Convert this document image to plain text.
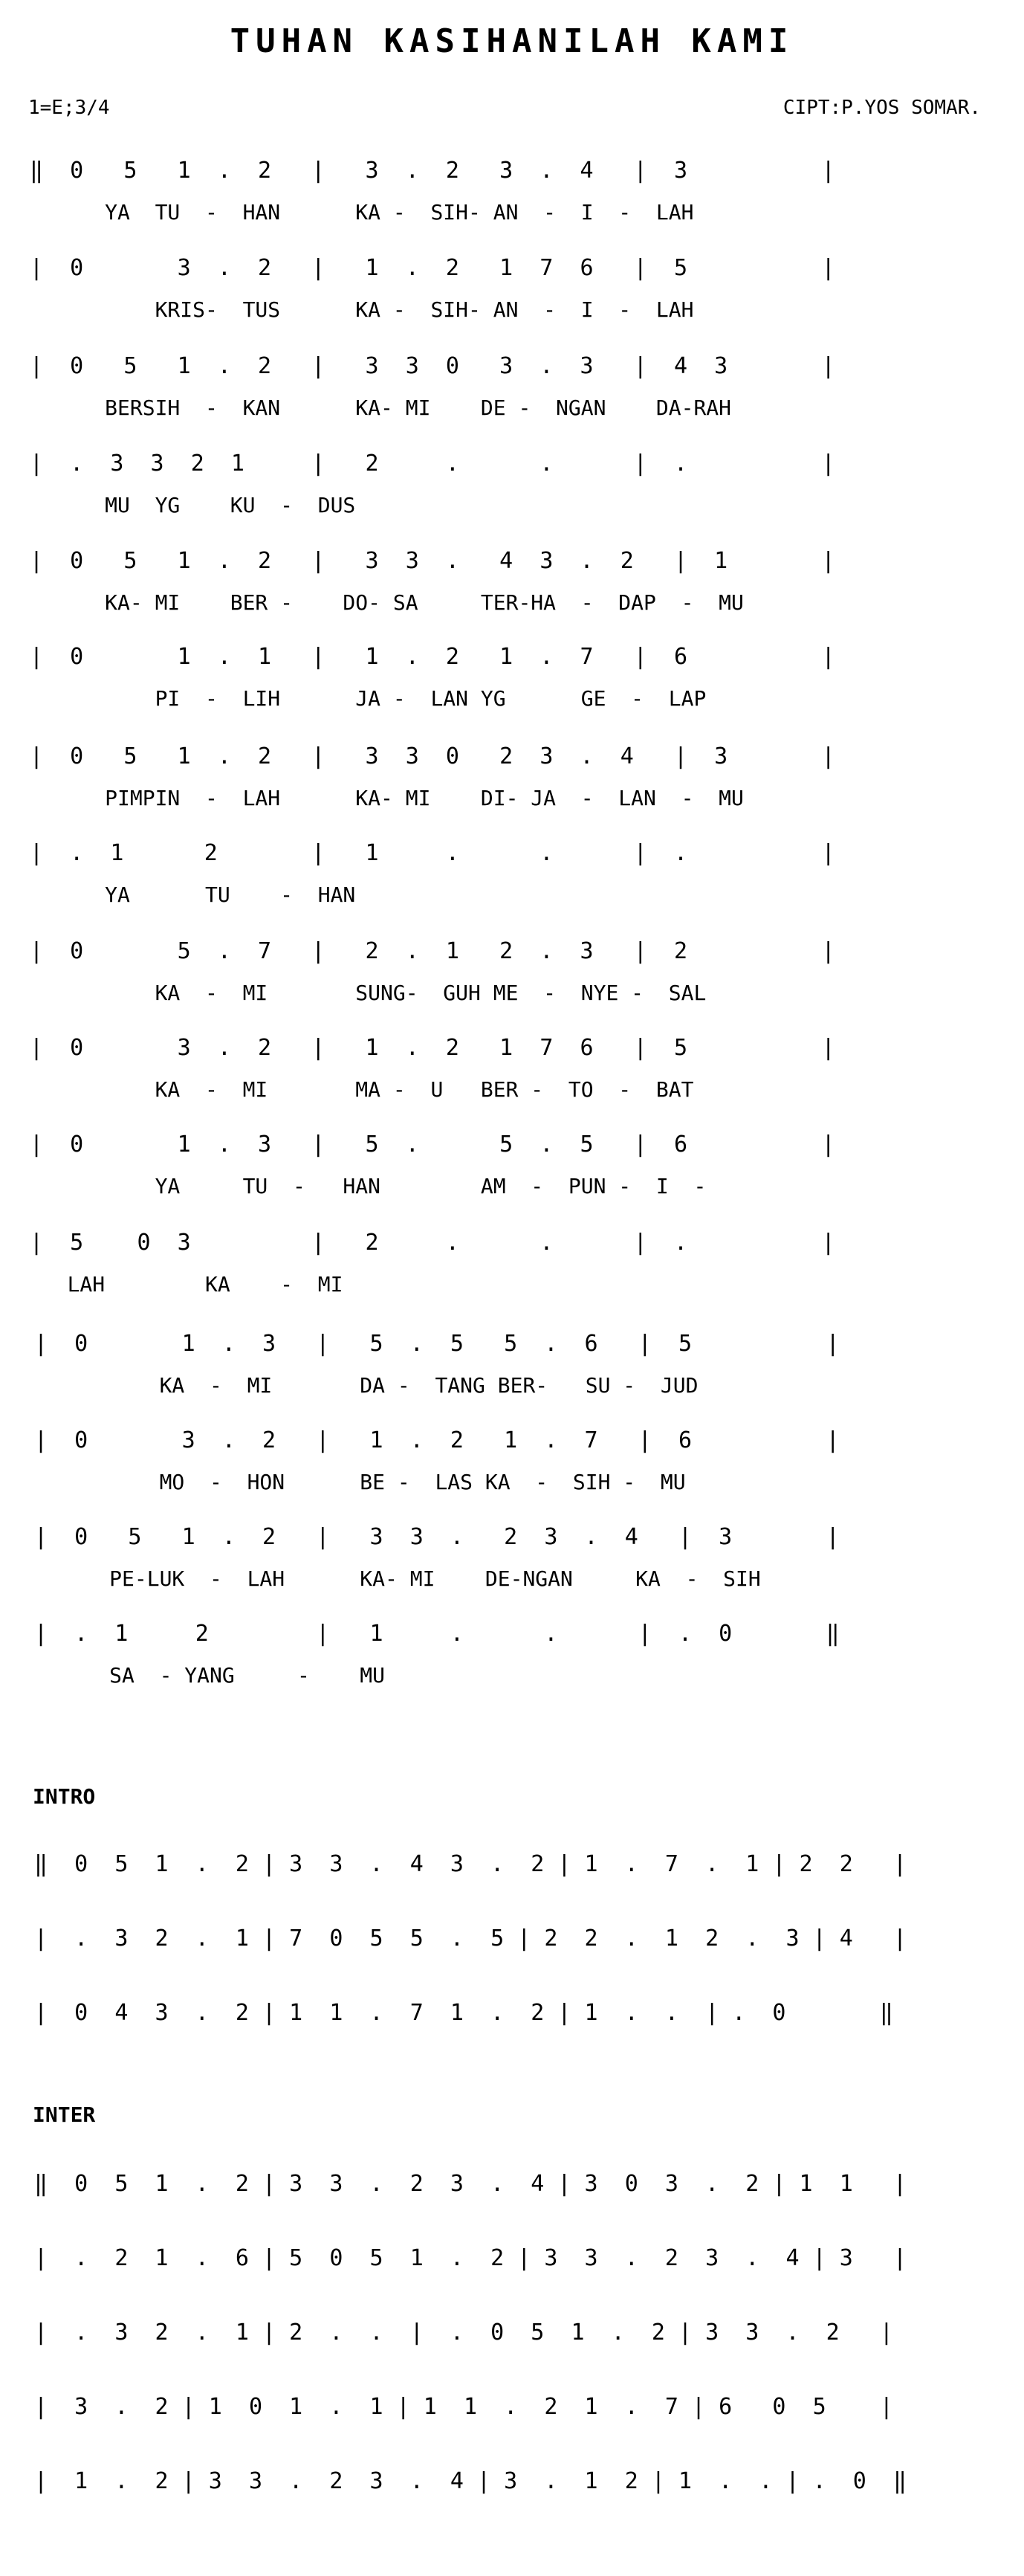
TUHAN KASIHANILAH KAMI
1=E;3/4	CIPT:P.YOS SOMAR.
‖  0   5   1  .  2   |   3  .  2   3  .  4   |  3          |
YA  TU  -  HAN      KA -  SIH- AN  -  I  -  LAH
|  0       3  .  2   |   1  .  2   1  7  6   |  5          |
KRIS-  TUS      KA -  SIH- AN  -  I  -  LAH
|  0   5   1  .  2   |   3  3  0   3  .  3   |  4  3       |
BERSIH  -  KAN      KA- MI    DE -  NGAN    DA-RAH
|  .  3  3  2  1     |   2     .      .      |  .          |
MU  YG    KU  -  DUS
|  0   5   1  .  2   |   3  3  .   4  3  .  2   |  1       |
KA- MI    BER -    DO- SA     TER-HA  -  DAP  -  MU
|  0       1  .  1   |   1  .  2   1  .  7   |  6          |
PI  -  LIH      JA -  LAN YG      GE  -  LAP
|  0   5   1  .  2   |   3  3  0   2  3  .  4   |  3       |
PIMPIN  -  LAH      KA- MI    DI- JA  -  LAN  -  MU
|  .  1      2       |   1     .      .      |  .          |
YA      TU    -  HAN
|  0       5  .  7   |   2  .  1   2  .  3   |  2          |
KA  -  MI       SUNG-  GUH ME  -  NYE -  SAL
|  0       3  .  2   |   1  .  2   1  7  6   |  5          |
KA  -  MI       MA -  U   BER -  TO  -  BAT
|  0       1  .  3   |   5  .      5  .  5   |  6          |
YA     TU  -   HAN        AM  -  PUN -  I  -
|  5    0  3         |   2     .      .      |  .          |
LAH        KA    -  MI
|  0       1  .  3   |   5  .  5   5  .  6   |  5          |
KA  -  MI       DA -  TANG BER-   SU -  JUD
|  0       3  .  2   |   1  .  2   1  .  7   |  6          |
MO  -  HON      BE -  LAS KA  -  SIH -  MU
|  0   5   1  .  2   |   3  3  .   2  3  .  4   |  3       |
PE-LUK  -  LAH      KA- MI    DE-NGAN     KA  -  SIH
|  .  1     2        |   1     .      .      |  .  0       ‖
SA  - YANG     -    MU
INTRO
‖  0  5  1  .  2 | 3  3  .  4  3  .  2 | 1  .  7  .  1 | 2  2   |
|  .  3  2  .  1 | 7  0  5  5  .  5 | 2  2  .  1  2  .  3 | 4   |
|  0  4  3  .  2 | 1  1  .  7  1  .  2 | 1  .  .  | .  0       ‖
INTER
‖  0  5  1  .  2 | 3  3  .  2  3  .  4 | 3  0  3  .  2 | 1  1   |
|  .  2  1  .  6 | 5  0  5  1  .  2 | 3  3  .  2  3  .  4 | 3   |
|  .  3  2  .  1 | 2  .  .  |  .  0  5  1  .  2 | 3  3  .  2   |
|  3  .  2 | 1  0  1  .  1 | 1  1  .  2  1  .  7 | 6   0  5    |
|  1  .  2 | 3  3  .  2  3  .  4 | 3  .  1  2 | 1  .  . | .  0  ‖
